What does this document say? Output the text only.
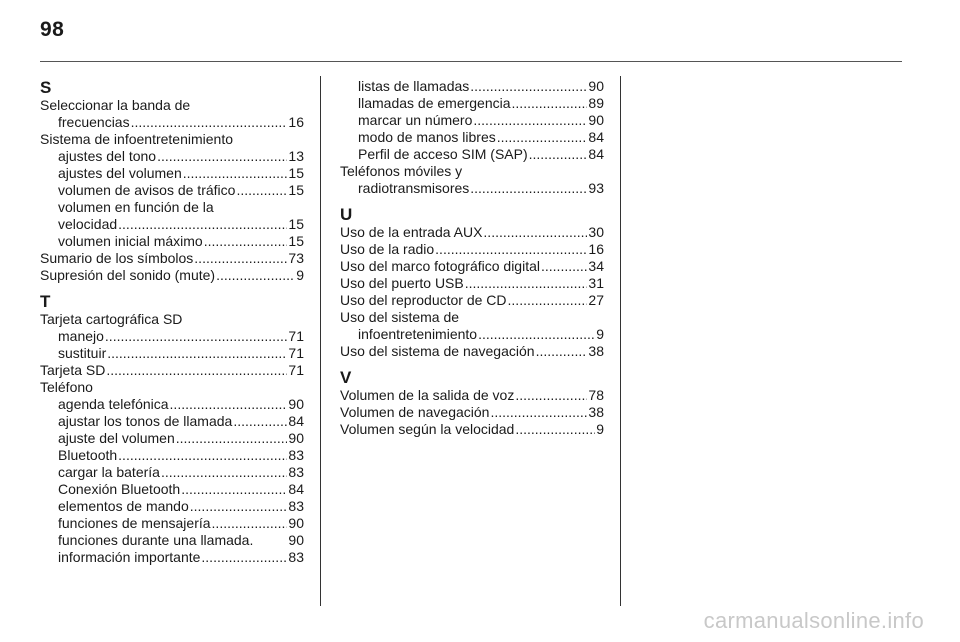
98
S
Seleccionar la banda de
frecuencias .....	16
Sistema de infoentretenimiento
ajustes del tono .....	13
ajustes del volumen .....	15
volumen de avisos de tráfico .....	15
volumen en función de la
velocidad .....	15
volumen inicial máximo .....	15
Sumario de los símbolos .....	73
Supresión del sonido (mute) .....	9
T
Tarjeta cartográfica SD
manejo .....	71
sustituir .....	71
Tarjeta SD .....	71
Teléfono
agenda telefónica .....	90
ajustar los tonos de llamada .....	84
ajuste del volumen .....	90
Bluetooth .....	83
cargar la batería .....	83
Conexión Bluetooth .....	84
elementos de mando .....	83
funciones de mensajería .....	90
funciones durante una llamada.	90
información importante .....	83
listas de llamadas .....	90
llamadas de emergencia .....	89
marcar un número .....	90
modo de manos libres .....	84
Perfil de acceso SIM (SAP) .....	84
Teléfonos móviles y
radiotransmisores .....	93
U
Uso de la entrada AUX .....	30
Uso de la radio .....	16
Uso del marco fotográfico digital .....	34
Uso del puerto USB .....	31
Uso del reproductor de CD .....	27
Uso del sistema de
infoentretenimiento .....	9
Uso del sistema de navegación .....	38
V
Volumen de la salida de voz .....	78
Volumen de navegación .....	38
Volumen según la velocidad .....	9
carmanualsonline.info
